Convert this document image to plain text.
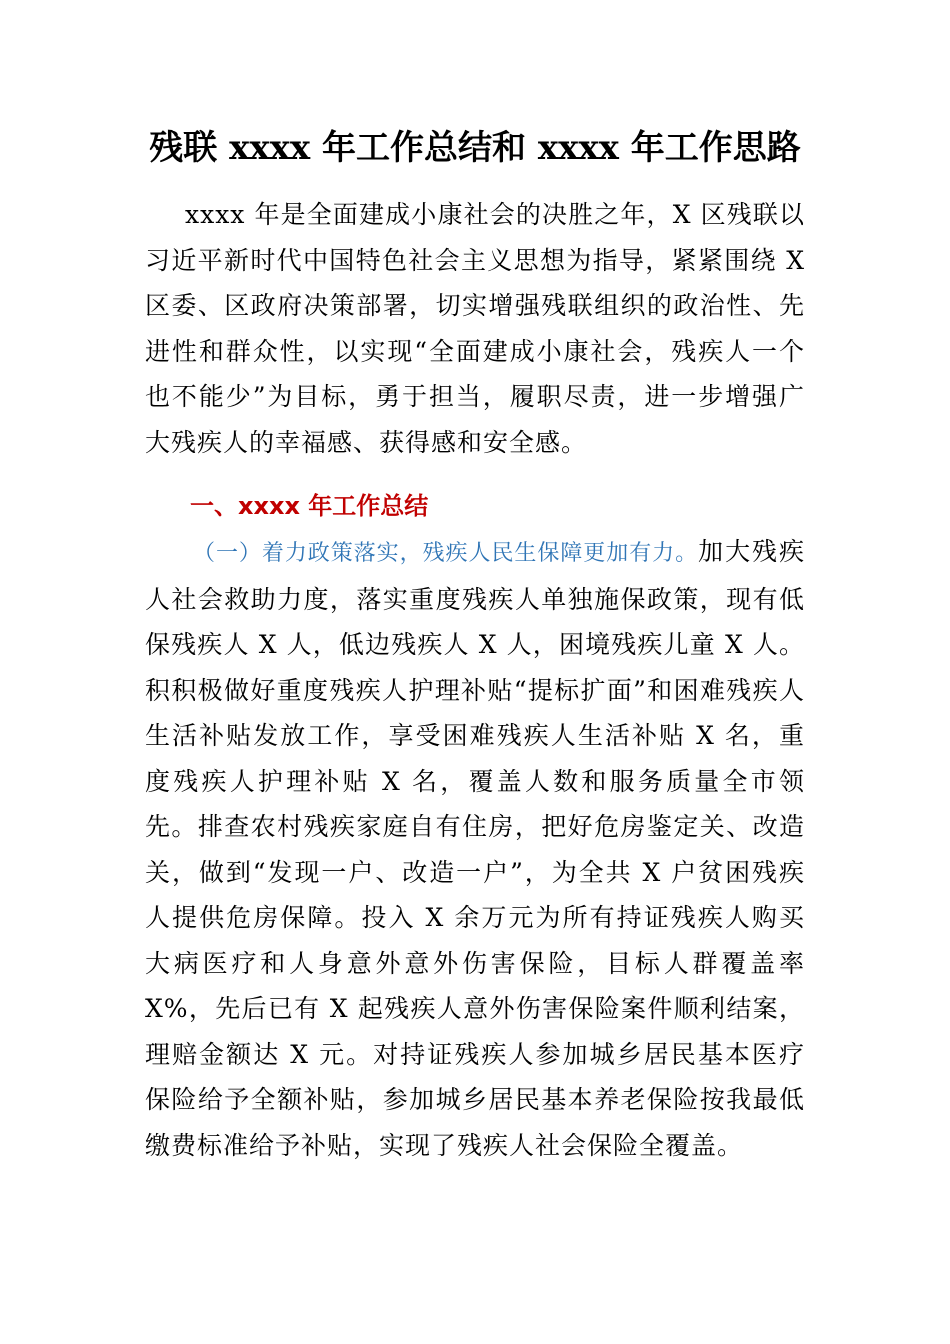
残联 xxxx 年工作总结和 xxxx 年工作思路

xxxx 年是全面建成小康社会的决胜之年，X 区残联以习近平新时代中国特色社会主义思想为指导，紧紧围绕 X 区委、区政府决策部署，切实增强残联组织的政治性、先进性和群众性，以实现“全面建成小康社会，残疾人一个也不能少”为目标，勇于担当，履职尽责，进一步增强广大残疾人的幸福感、获得感和安全感。

一、xxxx 年工作总结

（一）着力政策落实，残疾人民生保障更加有力。加大残疾人社会救助力度，落实重度残疾人单独施保政策，现有低保残疾人 X 人，低边残疾人 X 人，困境残疾儿童 X 人。积积极做好重度残疾人护理补贴“提标扩面”和困难残疾人生活补贴发放工作，享受困难残疾人生活补贴 X 名，重度残疾人护理补贴 X 名，覆盖人数和服务质量全市领先。排查农村残疾家庭自有住房，把好危房鉴定关、改造关，做到“发现一户、改造一户”，为全共 X 户贫困残疾人提供危房保障。投入 X 余万元为所有持证残疾人购买大病医疗和人身意外意外伤害保险，目标人群覆盖率 X%，先后已有 X 起残疾人意外伤害保险案件顺利结案，理赔金额达 X 元。对持证残疾人参加城乡居民基本医疗保险给予全额补贴，参加城乡居民基本养老保险按我最低缴费标准给予补贴，实现了残疾人社会保险全覆盖。
